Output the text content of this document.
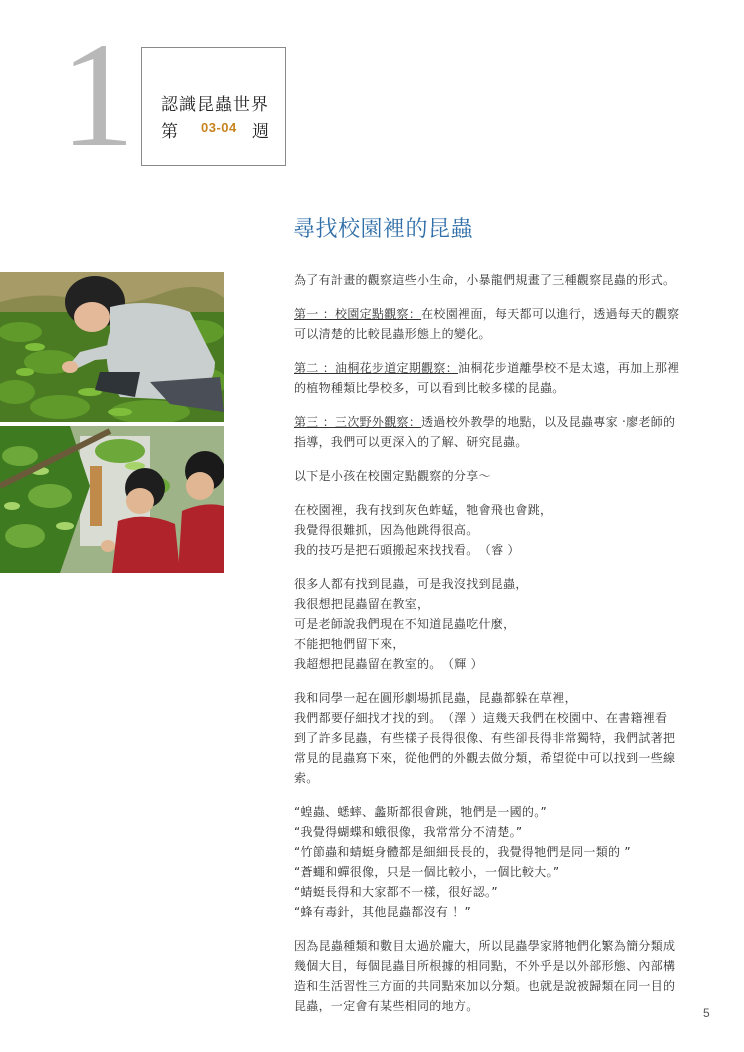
1 認識昆蟲世界
第 03-04 週
尋找校園裡的昆蟲

為了有計畫的觀察這些小生命，小暴龍們規畫了三種觀察昆蟲的形式。

第一 ：校園定點觀察：在校園裡面，每天都可以進行，透過每天的觀察
可以清楚的比較昆蟲形態上的變化。

第二 ：油桐花步道定期觀察：油桐花步道離學校不是太遠，再加上那裡
的植物種類比學校多，可以看到比較多樣的昆蟲。

第三 ：三次野外觀察：透過校外教學的地點，以及昆蟲專家 ‧廖老師的
指導，我們可以更深入的了解、研究昆蟲。

以下是小孩在校園定點觀察的分享～

在校園裡，我有找到灰色蚱蜢，牠會飛也會跳，
我覺得很難抓，因為他跳得很高。
我的技巧是把石頭搬起來找找看。　（睿 ）

很多人都有找到昆蟲，可是我沒找到昆蟲，
我很想把昆蟲留在教室，
可是老師說我們現在不知道昆蟲吃什麼，
不能把牠們留下來，
我超想把昆蟲留在教室的。　（輝 ）

我和同學一起在圓形劇場抓昆蟲，昆蟲都躲在草裡，
我們都要仔細找才找的到。　（澤 ）這幾天我們在校園中、在書籍裡看
到了許多昆蟲，有些樣子長得很像、有些卻長得非常獨特，我們試著把
常見的昆蟲寫下來，從他們的外觀去做分類，希望從中可以找到一些線
索。

“蝗蟲、蟋蟀、蠡斯都很會跳，牠們是一國的。”
“我覺得蝴蝶和蛾很像，我常常分不清楚。”
“竹節蟲和蜻蜓身體都是細細長長的，我覺得牠們是同一類的 ”
“蒼蠅和蟬很像，只是一個比較小，一個比較大。”
“蜻蜓長得和大家都不一樣，很好認。”
“蜂有毒針，其他昆蟲都沒有 ！”

因為昆蟲種類和數目太過於龐大，所以昆蟲學家將牠們化繁為簡分類成
幾個大目，每個昆蟲目所根據的相同點，不外乎是以外部形態、內部構
造和生活習性三方面的共同點來加以分類。也就是說被歸類在同一目的
昆蟲，一定會有某些相同的地方。	5
